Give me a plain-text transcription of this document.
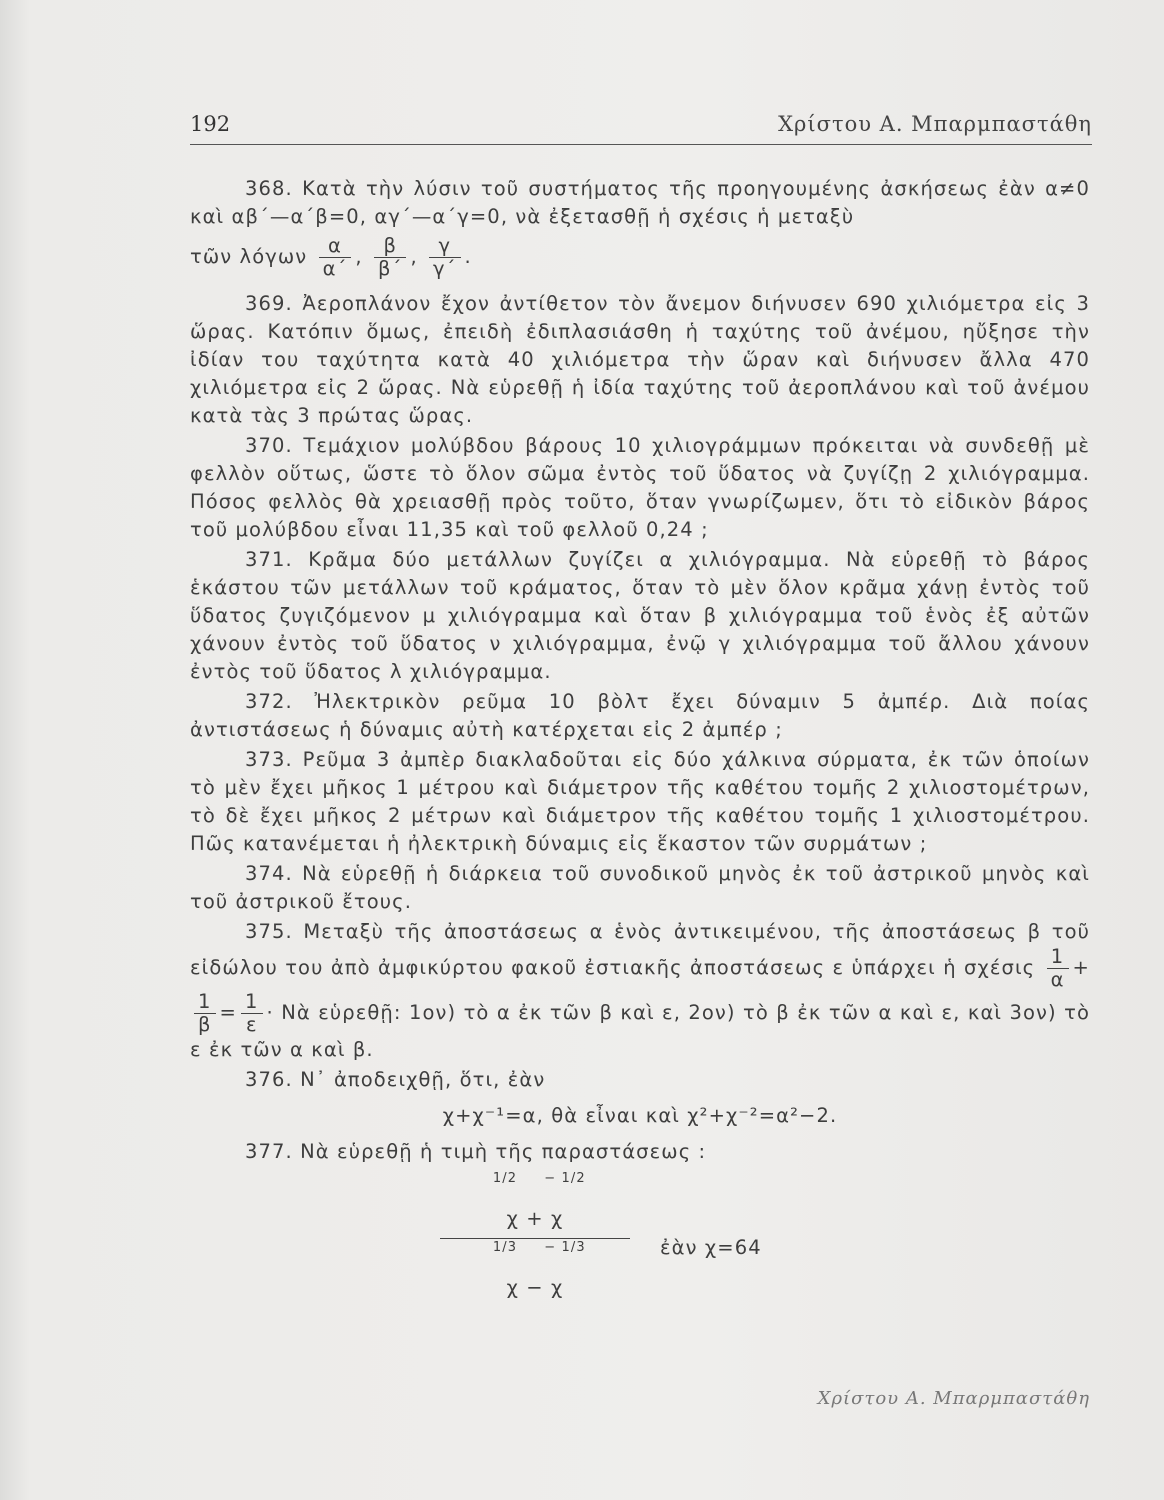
192	Χρίστου Α. Μπαρμπαστάθη

368. Κατὰ τὴν λύσιν τοῦ συστήματος τῆς προηγουμένης ἀσκήσεως ἐὰν α≠0 καὶ αβ΄—α΄β=0, αγ΄—α΄γ=0, νὰ ἐξετασθῇ ἡ σχέσις ἡ μεταξὺ

τῶν λόγων $\frac{\alpha}{\alpha΄}$ , $\frac{\beta}{\beta΄}$ , $\frac{\gamma}{\gamma΄}$ .

369. Ἀεροπλάνον ἔχον ἀντίθετον τὸν ἄνεμον διήνυσεν 690 χιλιόμετρα εἰς 3 ὥρας. Κατόπιν ὅμως, ἐπειδὴ ἐδιπλασιάσθη ἡ ταχύτης τοῦ ἀνέμου, ηὔξησε τὴν ἰδίαν του ταχύτητα κατὰ 40 χιλιόμετρα τὴν ὥραν καὶ διήνυσεν ἄλλα 470 χιλιόμετρα εἰς 2 ὥρας. Νὰ εὑρεθῇ ἡ ἰδία ταχύτης τοῦ ἀεροπλάνου καὶ τοῦ ἀνέμου κατὰ τὰς 3 πρώτας ὥρας.

370. Τεμάχιον μολύβδου βάρους 10 χιλιογράμμων πρόκειται νὰ συνδεθῇ μὲ φελλὸν οὕτως, ὥστε τὸ ὅλον σῶμα ἐντὸς τοῦ ὕδατος νὰ ζυγίζῃ 2 χιλιόγραμμα. Πόσος φελλὸς θὰ χρειασθῇ πρὸς τοῦτο, ὅταν γνωρίζωμεν, ὅτι τὸ εἰδικὸν βάρος τοῦ μολύβδου εἶναι 11,35 καὶ τοῦ φελλοῦ 0,24 ;

371. Κρᾶμα δύο μετάλλων ζυγίζει α χιλιόγραμμα. Νὰ εὑρεθῇ τὸ βάρος ἑκάστου τῶν μετάλλων τοῦ κράματος, ὅταν τὸ μὲν ὅλον κρᾶμα χάνῃ ἐντὸς τοῦ ὕδατος ζυγιζόμενον μ χιλιόγραμμα καὶ ὅταν β χιλιόγραμμα τοῦ ἑνὸς ἐξ αὐτῶν χάνουν ἐντὸς τοῦ ὕδατος ν χιλιόγραμμα, ἐνῷ γ χιλιόγραμμα τοῦ ἄλλου χάνουν ἐντὸς τοῦ ὕδατος λ χιλιόγραμμα.

372. Ἠλεκτρικὸν ρεῦμα 10 βὸλτ ἔχει δύναμιν 5 ἀμπέρ. Διὰ ποίας ἀντιστάσεως ἡ δύναμις αὐτὴ κατέρχεται εἰς 2 ἀμπέρ ;

373. Ρεῦμα 3 ἀμπὲρ διακλαδοῦται εἰς δύο χάλκινα σύρματα, ἐκ τῶν ὁποίων τὸ μὲν ἔχει μῆκος 1 μέτρου καὶ διάμετρον τῆς καθέτου τομῆς 2 χιλιοστομέτρων, τὸ δὲ ἔχει μῆκος 2 μέτρων καὶ διάμετρον τῆς καθέτου τομῆς 1 χιλιοστομέτρου. Πῶς κατανέμεται ἡ ἠλεκτρικὴ δύναμις εἰς ἕκαστον τῶν συρμάτων ;

374. Νὰ εὑρεθῇ ἡ διάρκεια τοῦ συνοδικοῦ μηνὸς ἐκ τοῦ ἀστρικοῦ μηνὸς καὶ τοῦ ἀστρικοῦ ἔτους.

375. Μεταξὺ τῆς ἀποστάσεως α ἑνὸς ἀντικειμένου, τῆς ἀποστάσεως β τοῦ εἰδώλου του ἀπὸ ἀμφικύρτου φακοῦ ἐστιακῆς ἀποστάσεως ε ὑπάρχει ἡ σχέσις $\frac{1}{\alpha}$ +
$\frac{1}{\beta} = \frac{1}{\varepsilon}$ · Νὰ εὑρεθῇ: 1ον) τὸ α ἐκ τῶν β καὶ ε, 2ον) τὸ β ἐκ τῶν α καὶ ε, καὶ 3ον) τὸ ε ἐκ τῶν α καὶ β.

376. Ν᾿ ἀποδειχθῇ, ὅτι, ἐὰν

χ+χ⁻¹=α, θὰ εἶναι καὶ χ²+χ⁻²=α²−2.

377. Νὰ εὑρεθῇ ἡ τιμὴ τῆς παραστάσεως :

1/2 − 1/2
χ + χ
1/3 − 1/3
χ − χ
ἐὰν χ=64
Χρίστου Α. Μπαρμπαστάθη
